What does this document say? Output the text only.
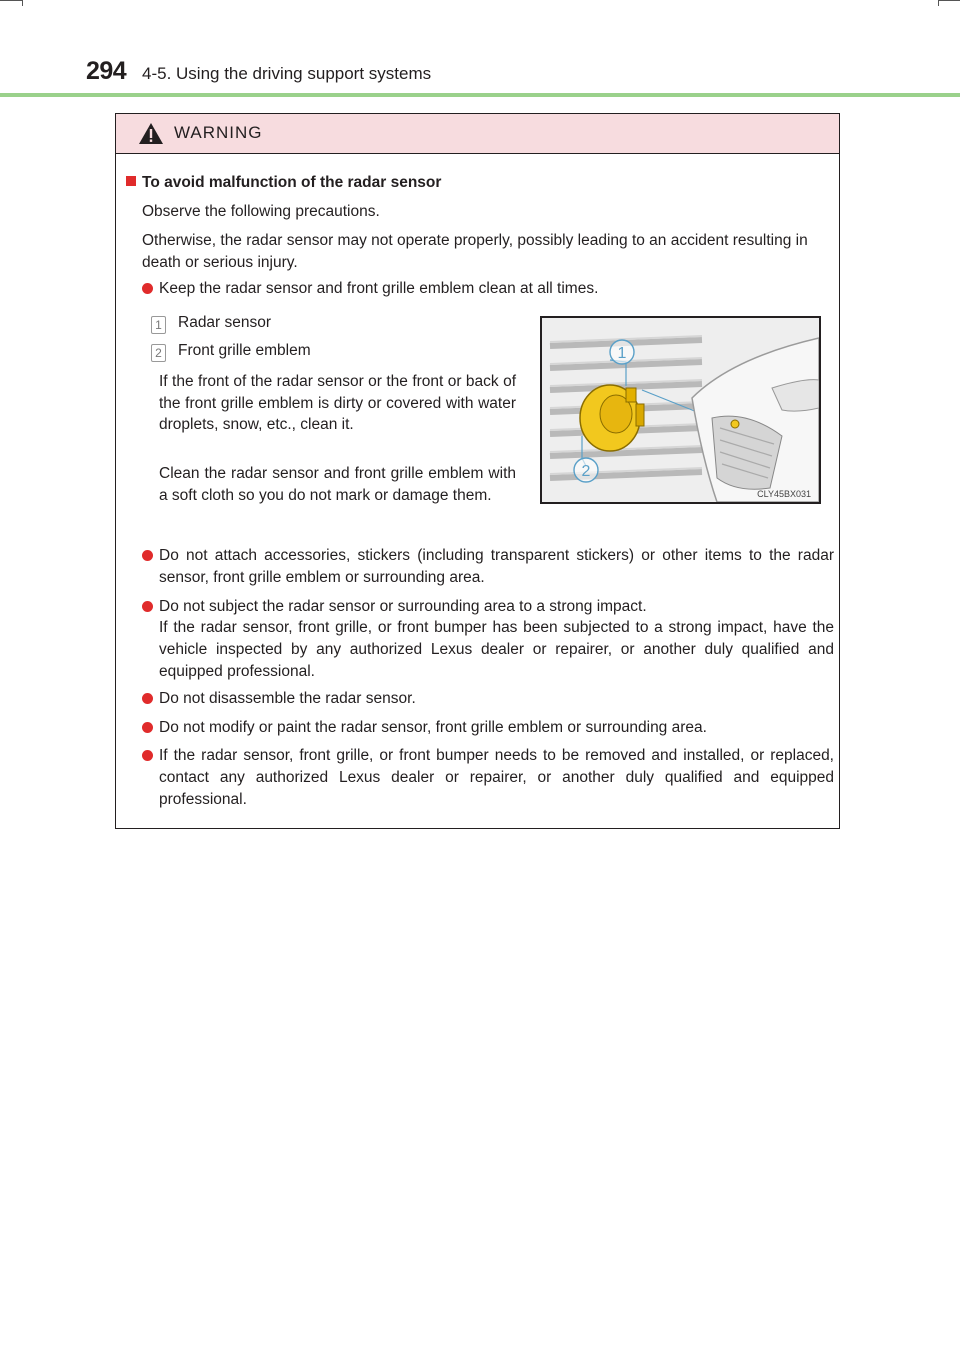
294 4-5. Using the driving support systems
WARNING
To avoid malfunction of the radar sensor
Observe the following precautions.
Otherwise, the radar sensor may not operate properly, possibly leading to an accident resulting in death or serious injury.
Keep the radar sensor and front grille emblem clean at all times.
1 Radar sensor
2 Front grille emblem
If the front of the radar sensor or the front or back of the front grille emblem is dirty or covered with water droplets, snow, etc., clean it.
Clean the radar sensor and front grille emblem with a soft cloth so you do not mark or damage them.
1
2
CLY45BX031
Do not attach accessories, stickers (including transparent stickers) or other items to the radar sensor, front grille emblem or surrounding area.
Do not subject the radar sensor or surrounding area to a strong impact.
If the radar sensor, front grille, or front bumper has been subjected to a strong impact, have the vehicle inspected by any authorized Lexus dealer or repairer, or another duly qualified and equipped professional.
Do not disassemble the radar sensor.
Do not modify or paint the radar sensor, front grille emblem or surrounding area.
If the radar sensor, front grille, or front bumper needs to be removed and installed, or replaced, contact any authorized Lexus dealer or repairer, or another duly qualified and equipped professional.
